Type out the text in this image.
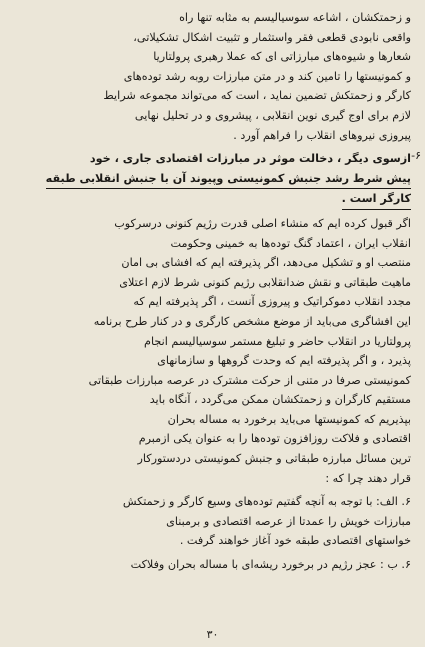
و زحمتکشان ، اشاعه سوسیالیسم به مثابه تنها راه
واقعی نابودی قطعی فقر واستثمار و تثبیت اشکال تشکیلاتی،
شعارها و شیوه‌های مبارزاتی ای که عملا رهبری پرولتاریا
و کمونیستها را تامین کند و در متن مبارزات روبه رشد توده‌های
کارگر و زحمتکش تضمین نماید ، است که می‌تواند مجموعه شرایط
لازم برای اوج گیری نوین انقلابی ، پیشروی و در تحلیل نهایی
پیروزی نیروهای انقلاب را فراهم آورد .

۶-

ازسوی دیگر ، دخالت موثر در مبارزات اقتصادی جاری ، خود
پیش شرط رشد جنبش کمونیستی وپیوند آن با جنبش انقلابی طبقه
کارگر است .

اگر قبول کرده ایم که منشاء اصلی قدرت رژیم کنونی درسرکوب
انقلاب ایران ، اعتماد گنگ توده‌ها به خمینی وحکومت
منتصب او و تشکیل می‌دهد، اگر پذیرفته ایم که افشای بی امان
ماهیت طبقاتی و نقش ضدانقلابی رژیم کنونی شرط لازم اعتلای
مجدد انقلاب دموکراتیک و پیروزی آنست ، اگر پذیرفته ایم که
این افشاگری می‌باید از موضع مشخص کارگری و در کنار طرح برنامه
پرولتاریا در انقلاب حاضر و تبلیغ مستمر سوسیالیسم انجام
پذیرد ، و اگر پذیرفته ایم که وحدت گروهها و سازمانهای
کمونیستی صرفا در متنی از حرکت مشترک در عرصه مبارزات طبقاتی
مستقیم کارگران و زحمتکشان ممکن می‌گردد ، آنگاه باید
بپذیریم که کمونیستها می‌باید برخورد به مساله بحران
اقتصادی و فلاکت روزافزون توده‌ها را به عنوان یکی ازمبرم
ترین مسائل مبارزه طبقاتی و جنبش کمونیستی دردستورکار
قرار دهند چرا که :

۶. الف: با توجه به آنچه گفتیم توده‌های وسیع کارگر و زحمتکش
مبارزات خویش را عمدتا از عرصه اقتصادی و برمبنای
خواستهای اقتصادی طبقه خود آغاز خواهند گرفت .

۶. ب : عجز رژیم در برخورد ریشه‌ای با مساله بحران وفلاکت

۳۰
